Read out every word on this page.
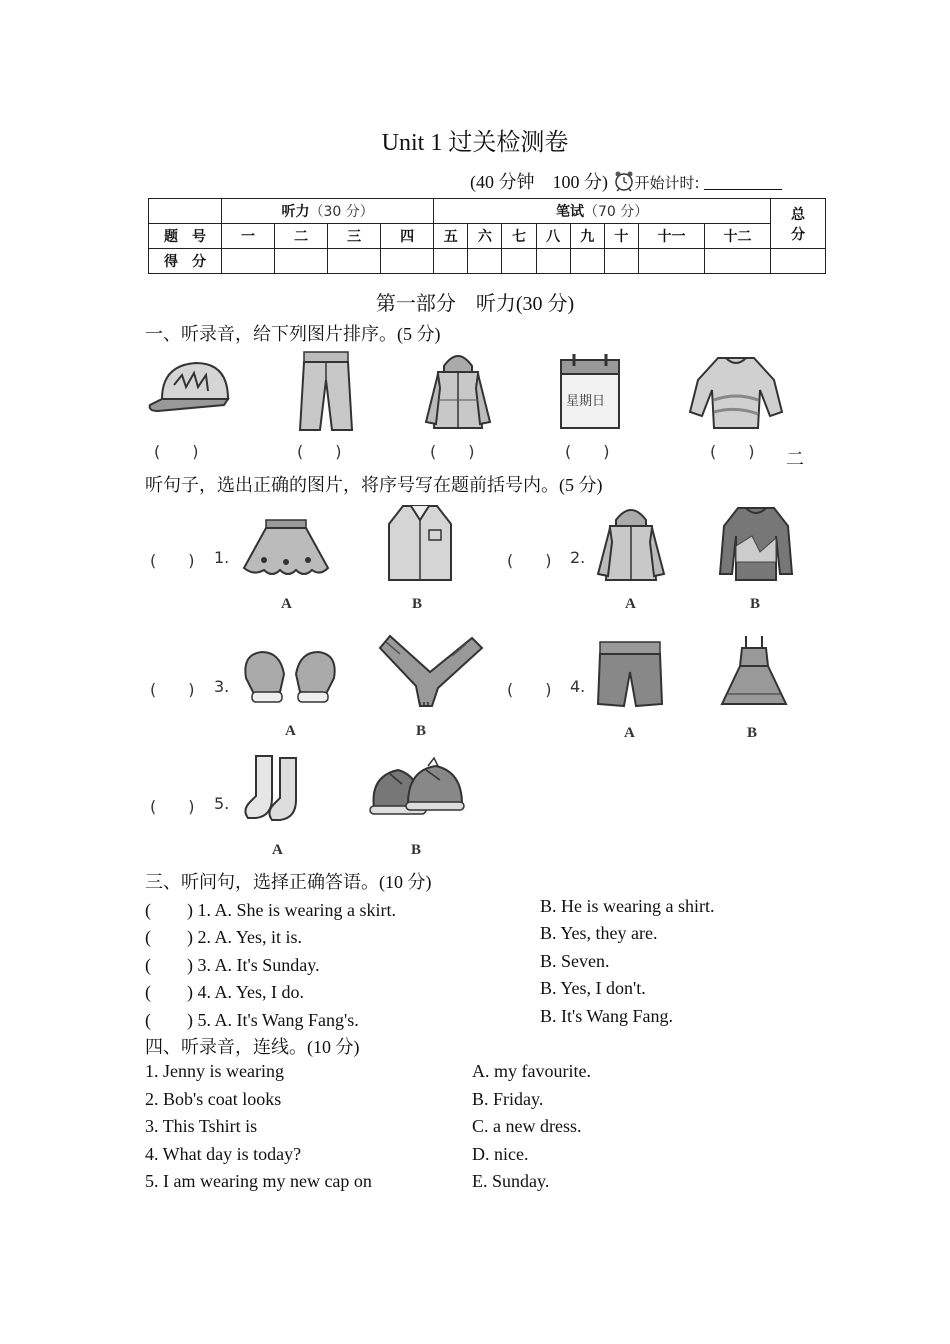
Unit 1 过关检测卷
(40 分钟　100 分) 开始计时:
	听力（30 分）				笔试（70 分）								总
分
题　号	一	二	三	四	五	六	七	八	九	十	十一	十二	
得　分													
第一部分　听力(30 分)
一、听录音，给下列图片排序。(5 分)
星期日
(　　)	(　　)	(　　)	(　　)	(　　) 二
听句子，选出正确的图片，将序号写在题前括号内。(5 分)
(　　) 1.
A	B
(　　) 2.
A	B
(　　) 3.
A	B
(　　) 4.
A	B
(　　) 5.
A	B
三、听问句，选择正确答语。(10 分)
(　　) 1. A. She is wearing a skirt.	B. He is wearing a shirt.
(　　) 2. A. Yes, it is.	B. Yes, they are.
(　　) 3. A. It's Sunday.	B. Seven.
(　　) 4. A. Yes, I do.	B. Yes, I don't.
(　　) 5. A. It's Wang Fang's.	B. It's Wang Fang.
四、听录音，连线。(10 分)
1. Jenny is wearing	A. my favourite.
2. Bob's coat looks	B. Friday.
3. This Tshirt is	C. a new dress.
4. What day is today?	D. nice.
5. I am wearing my new cap on	E. Sunday.
